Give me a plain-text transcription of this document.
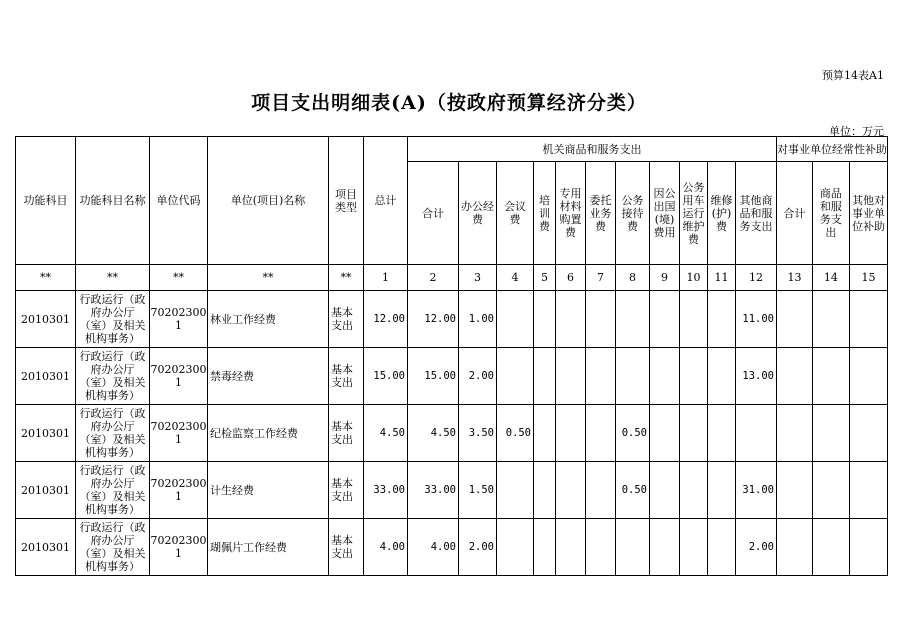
预算14表A1
项目支出明细表(A)（按政府预算经济分类）
单位：万元
功能科目	功能科目名称	单位代码	单位(项目)名称	项目类型	总计	机关商品和服务支出											对事业单位经常性补助		
						合计	办公经费	会议费	培训费	专用材料购置费	委托业务费	公务接待费	因公出国(境)费用	公务用车运行维护费	维修(护)费	其他商品和服务支出	合计	商品和服务支出	其他对事业单位补助
**	**	**	**	**	1	2	3	4	5	6	7	8	9	10	11	12	13	14	15
2010301	行政运行（政府办公厅（室）及相关机构事务）	702023001	林业工作经费	基本支出	12.00	12.00	1.00									11.00			
2010301	行政运行（政府办公厅（室）及相关机构事务）	702023001	禁毒经费	基本支出	15.00	15.00	2.00									13.00			
2010301	行政运行（政府办公厅（室）及相关机构事务）	702023001	纪检监察工作经费	基本支出	4.50	4.50	3.50	0.50				0.50							
2010301	行政运行（政府办公厅（室）及相关机构事务）	702023001	计生经费	基本支出	33.00	33.00	1.50					0.50				31.00			
2010301	行政运行（政府办公厅（室）及相关机构事务）	702023001	瑚佩片工作经费	基本支出	4.00	4.00	2.00									2.00			
